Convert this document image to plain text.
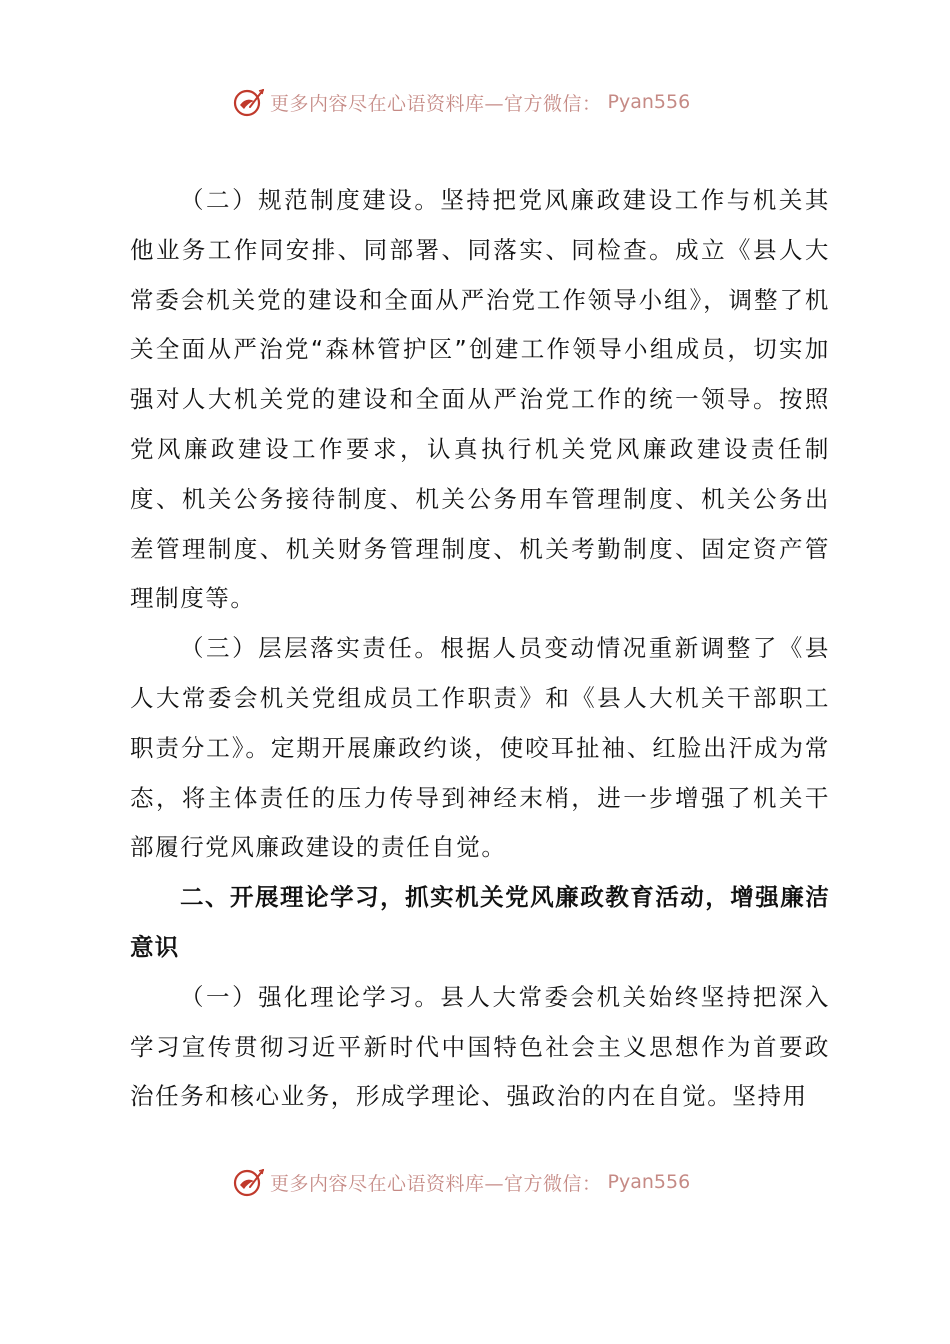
更多内容尽在心语资料库—官方微信： Pyan556

（二）规范制度建设。坚持把党风廉政建设工作与机关其他业务工作同安排、同部署、同落实、同检查。成立《县人大常委会机关党的建设和全面从严治党工作领导小组》，调整了机关全面从严治党“森林管护区”创建工作领导小组成员，切实加强对人大机关党的建设和全面从严治党工作的统一领导。按照党风廉政建设工作要求，认真执行机关党风廉政建设责任制度、机关公务接待制度、机关公务用车管理制度、机关公务出差管理制度、机关财务管理制度、机关考勤制度、固定资产管理制度等。

（三）层层落实责任。根据人员变动情况重新调整了《县人大常委会机关党组成员工作职责》和《县人大机关干部职工职责分工》。定期开展廉政约谈，使咬耳扯袖、红脸出汗成为常态，将主体责任的压力传导到神经末梢，进一步增强了机关干部履行党风廉政建设的责任自觉。

二、开展理论学习，抓实机关党风廉政教育活动，增强廉洁意识

（一）强化理论学习。县人大常委会机关始终坚持把深入学习宣传贯彻习近平新时代中国特色社会主义思想作为首要政治任务和核心业务，形成学理论、强政治的内在自觉。坚持用

更多内容尽在心语资料库—官方微信： Pyan556
